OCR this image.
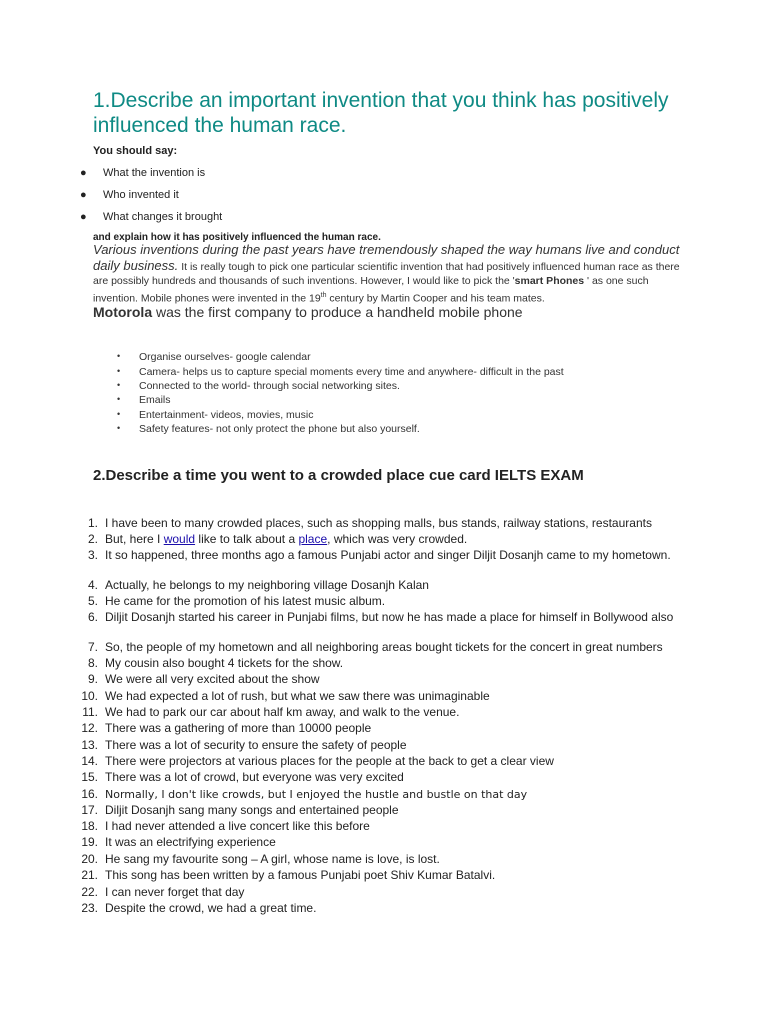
1.Describe an important invention that you think has positively influenced the human race.
You should say:
● What the invention is
● Who invented it
● What changes it brought
and explain how it has positively influenced the human race.
Various inventions during the past years have tremendously shaped the way humans live and conduct daily business. It is really tough to pick one particular scientific invention that had positively influenced human race as there are possibly hundreds and thousands of such inventions. However, I would like to pick the 'smart Phones ' as one such invention. Mobile phones were invented in the 19th century by Martin Cooper and his team mates.
Motorola was the first company to produce a handheld mobile phone
• Organise ourselves- google calendar
• Camera- helps us to capture special moments every time and anywhere- difficult in the past
• Connected to the world- through social networking sites.
• Emails
• Entertainment- videos, movies, music
• Safety features- not only protect the phone but also yourself.
2.Describe a time you went to a crowded place cue card IELTS EXAM
1. I have been to many crowded places, such as shopping malls, bus stands, railway stations, restaurants
2. But, here I would like to talk about a place, which was very crowded.
3. It so happened, three months ago a famous Punjabi actor and singer Diljit Dosanjh came to my hometown.
4. Actually, he belongs to my neighboring village Dosanjh Kalan
5. He came for the promotion of his latest music album.
6. Diljit Dosanjh started his career in Punjabi films, but now he has made a place for himself in Bollywood also
7. So, the people of my hometown and all neighboring areas bought tickets for the concert in great numbers
8. My cousin also bought 4 tickets for the show.
9. We were all very excited about the show
10. We had expected a lot of rush, but what we saw there was unimaginable
11. We had to park our car about half km away, and walk to the venue.
12. There was a gathering of more than 10000 people
13. There was a lot of security to ensure the safety of people
14. There were projectors at various places for the people at the back to get a clear view
15. There was a lot of crowd, but everyone was very excited
16. Normally, I don't like crowds, but I enjoyed the hustle and bustle on that day
17. Diljit Dosanjh sang many songs and entertained people
18. I had never attended a live concert like this before
19. It was an electrifying experience
20. He sang my favourite song – A girl, whose name is love, is lost.
21. This song has been written by a famous Punjabi poet Shiv Kumar Batalvi.
22. I can never forget that day
23. Despite the crowd, we had a great time.
